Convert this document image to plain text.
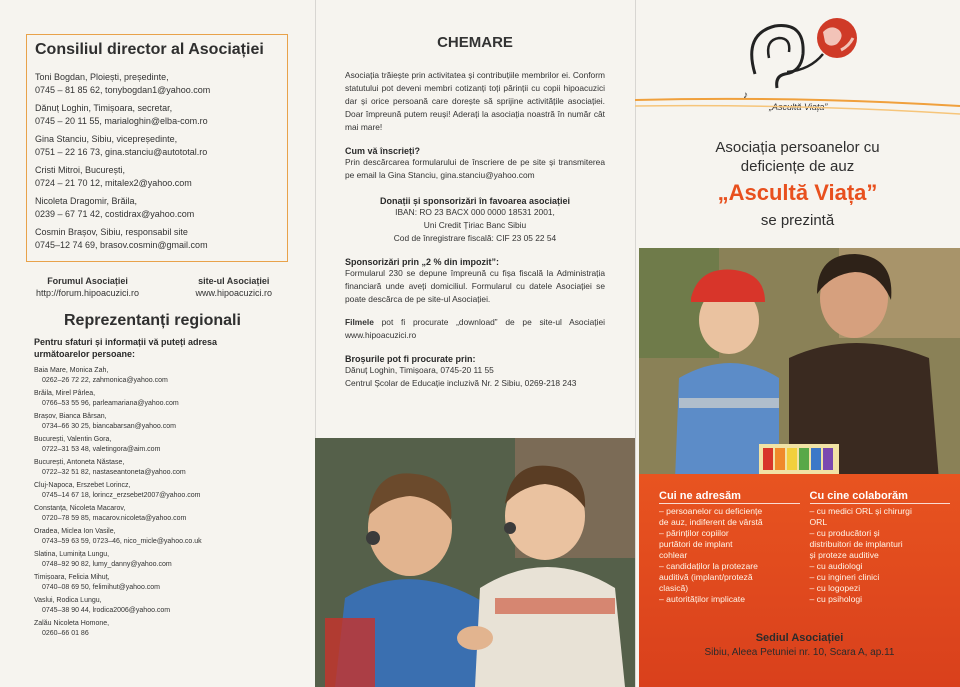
Consiliul director al Asociației
Toni Bogdan, Ploiești, președinte,
0745 – 81 85 62, tonybogdan1@yahoo.com
Dănuț Loghin, Timișoara, secretar,
0745 – 20 11 55, marialoghin@elba-com.ro
Gina Stanciu, Sibiu, vicepreședinte,
0751 – 22 16 73, gina.stanciu@autototal.ro
Cristi Mitroi, București,
0724 – 21 70 12, mitalex2@yahoo.com
Nicoleta Dragomir, Brăila,
0239 – 67 71 42, costidrax@yahoo.com
Cosmin Brașov, Sibiu, responsabil site
0745–12 74 69, brasov.cosmin@gmail.com
Forumul Asociației
http://forum.hipoacuzici.ro
site-ul Asociației
www.hipoacuzici.ro
Reprezentanți regionali
Pentru sfaturi și informații vă puteți adresa următoarelor persoane:
Baia Mare, Monica Zah,
0262–26 72 22, zahmonica@yahoo.com
Brăila, Mirel Pârlea,
0766–53 55 96, parleamariana@yahoo.com
Brașov, Bianca Bârsan,
0734–66 30 25, biancabarsan@yahoo.com
București, Valentin Gora,
0722–31 53 48, valetingora@aim.com
București, Antoneta Năstase,
0722–32 51 82, nastaseantoneta@yahoo.com
Cluj-Napoca, Erszebet Lorincz,
0745–14 67 18, lorincz_erzsebet2007@yahoo.com
Constanța, Nicoleta Macarov,
0720–78 59 85, macarov.nicoleta@yahoo.com
Oradea, Miclea Ion Vasile,
0743–59 63 59, 0723–46, nico_micle@yahoo.co.uk
Slatina, Luminița Lungu,
0748–92 90 82, lumy_danny@yahoo.com
Timișoara, Felicia Mihuț,
0740–08 69 50, felimihut@yahoo.com
Vaslui, Rodica Lungu,
0745–38 90 44, lrodica2006@yahoo.com
Zalău Nicoleta Homone,
0260–66 01 86
CHEMARE
Asociația trăiește prin activitatea și contribuțiile membrilor ei. Conform statutului pot deveni membri cotizanți toți părinții cu copii hipoacuzici dar și orice persoană care dorește să sprijine activitățile asociației. Doar împreună putem reuși! Aderați la asociația noastră în număr cât mai mare!
Cum vă înscrieți?
Prin descărcarea formularului de înscriere de pe site și transmiterea pe email la Gina Stanciu, gina.stanciu@yahoo.com
Donații și sponsorizări în favoarea asociației
IBAN: RO 23 BACX 000 0000 18531 2001,
Uni Credit Țiriac Banc Sibiu
Cod de înregistrare fiscală: CIF 23 05 22 54
Sponsorizări prin „2 % din impozit”:
Formularul 230 se depune împreună cu fișa fiscală la Administrația financiară unde aveți domiciliul. Formularul cu datele Asociației se poate descărca de pe site-ul Asociației.
Filmele pot fi procurate „download” de pe site-ul Asociației www.hipoacuzici.ro
Broșurile pot fi procurate prin:
Dănuț Loghin, Timișoara, 0745-20 11 55
Centrul Școlar de Educație incluzivă Nr. 2 Sibiu, 0269-218 243
♪
„Ascultă Viața”
Asociația persoanelor cu
deficiențe de auz
„Ascultă Viața”
se prezintă
Cui ne adresăm
– persoanelor cu deficiențe
de auz, indiferent de vârstă
– părinților copiilor
purtători de implant
cohlear
– candidaților la protezare
auditivă (implant/proteză
clasică)
– autorităților implicate
Cu cine colaborăm
– cu medici ORL și chirurgi
ORL
– cu producători și
distribuitori de implanturi
și proteze auditive
– cu audiologi
– cu ingineri clinici
– cu logopezi
– cu psihologi
Sediul Asociației
Sibiu, Aleea Petuniei nr. 10, Scara A, ap.11
